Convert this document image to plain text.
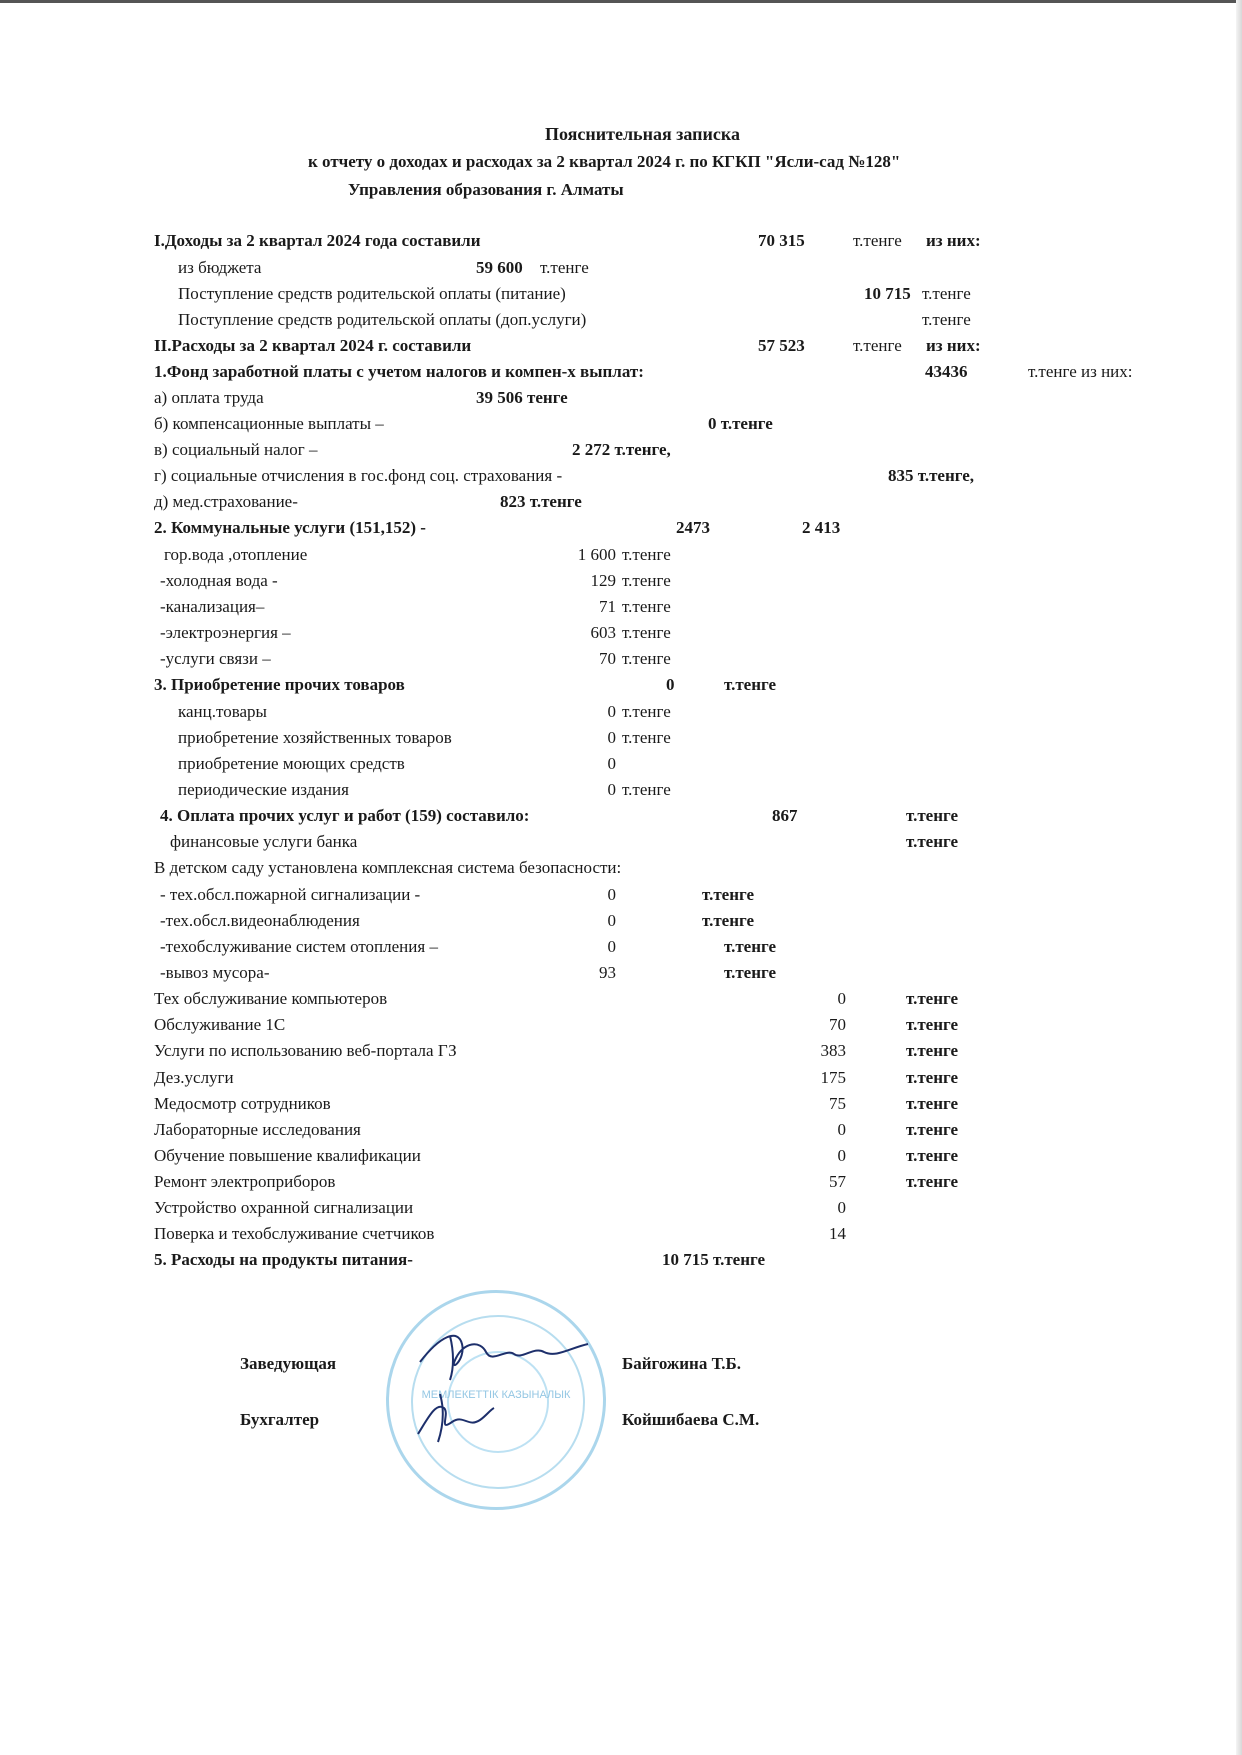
Пояснительная записка
к отчету о доходах и расходах за 2 квартал 2024 г. по КГКП "Ясли-сад №128"
Управления образования г. Алматы
I.Доходы за 2 квартал 2024 года составили	70 315	т.тенге из них:
из бюджета	59 600 т.тенге
Поступление средств родительской оплаты (питание)	10 715 т.тенге
Поступление средств родительской оплаты (доп.услуги)	т.тенге
II.Расходы за 2 квартал 2024 г. составили	57 523	т.тенге из них:
1.Фонд заработной платы с учетом налогов и компен-х выплат:	43436	т.тенге из них:
а) оплата труда	39 506 тенге
б) компенсационные выплаты –	0 т.тенге
в) социальный налог –	2 272 т.тенге,
г) социальные отчисления в гос.фонд соц. страхования -	835 т.тенге,
д) мед.страхование-	823 т.тенге
2. Коммунальные услуги (151,152) -	2473	2 413
гор.вода ,отопление	1 600 т.тенге
-холодная вода -	129 т.тенге
-канализация–	71 т.тенге
-электроэнергия –	603 т.тенге
-услуги связи –	70 т.тенге
3. Приобретение прочих товаров	0	т.тенге
канц.товары	0 т.тенге
приобретение хозяйственных товаров	0 т.тенге
приобретение моющих средств	0
периодические издания	0 т.тенге
4. Оплата прочих услуг и работ (159) составило:	867	т.тенге
финансовые услуги банка	т.тенге
В детском саду установлена комплексная система безопасности:
- тех.обсл.пожарной сигнализации -	0	т.тенге
-тех.обсл.видеонаблюдения	0	т.тенге
-техобслуживание систем отопления –	0	т.тенге
-вывоз мусора-	93	т.тенге
Тех обслуживание компьютеров	0	т.тенге
Обслуживание 1С	70	т.тенге
Услуги по использованию веб-портала ГЗ	383	т.тенге
Дез.услуги	175	т.тенге
Медосмотр сотрудников	75	т.тенге
Лабораторные исследования	0	т.тенге
Обучение повышение квалификации	0	т.тенге
Ремонт электроприборов	57	т.тенге
Устройство охранной сигнализации	0
Поверка и техобслуживание счетчиков	14
5. Расходы на продукты питания-	10 715 т.тенге
МЕМЛЕКЕТТІК КАЗЫНАЛЫК
Заведующая	Байгожина Т.Б.
Бухгалтер	Койшибаева С.М.
